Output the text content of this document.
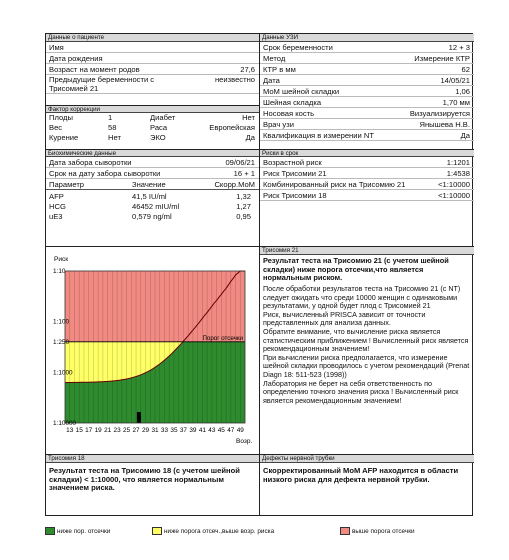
Данные о пациенте
Имя
Дата рождения
Возраст на момент родов	27,6
Предыдущие беременности с Трисомией 21
неизвестно
Фактор коррекции
Плоды	1	Диабет	Нет
Вес	58	Раса	Европейская
Курение	Нет	ЭКО	Да
Биохимические данные
Дата забора сыворотки	09/06/21
Срок на дату забора сыворотки	16 + 1
Параметр	Значение	Скорр.MoM
AFP	41,5 IU/ml	1,32
HCG	46452 mIU/ml	1,27
uE3	0,579 ng/ml	0,95
Порог отсечки
1:10
1:100
1:250
1:1000
1:10000
13 15 17 19 21 23 25 27 29 31 33 35 37 39 41 43 45 47 49
Риск
Возр.
Трисомия 18
Результат теста на Трисомию 18 (с учетом шейной складки) < 1:10000, что является нормальным значением риска.
Данные УЗИ
Срок беременности	12 + 3
Метод	Измерение КТР
КТР в мм	62
Дата	14/05/21
MoM шейной складки	1,06
Шейная складка	1,70 мм
Носовая кость	Визуализируется
Врач узи	Янышева Н.В.
Квалификация в измерении NT	Да
Риски в срок
Возрастной риск	1:1201
Риск Трисомии 21	1:4538
Комбинированный риск на Трисомию 21	<1:10000
Риск Трисомии 18	<1:10000
Трисомия 21
Результат теста на Трисомию 21 (с учетом шейной складки) ниже порога отсечки,что является нормальным риском.
После обработки результатов теста на Трисомию 21 (с NT) следует ожидать что среди 10000 женщин с одинаковыми результатами, у одной будет плод с Трисомией 21
Риск, вычисленный PRISCA зависит от точности представленных для анализа данных.
Обратите внимание, что вычисление риска является статистическим приближением ! Вычисленный риск является рекомендационным значением!
При вычислении риска предполагается, что измерение шейной складки проводилось с учетом рекомендаций (Prenat Diagn 18: 511-523 (1998))
Лаборатория не берет на себя ответственность по определению точного значения риска ! Вычисленный риск является рекомендационным значением!
Дефекты нервной трубки
Скорректированный MoM AFP находится в области низкого риска для дефекта нервной трубки.
ниже пор. отсечки	ниже порога отсеч.,выше возр. риска	выше порога отсечки
